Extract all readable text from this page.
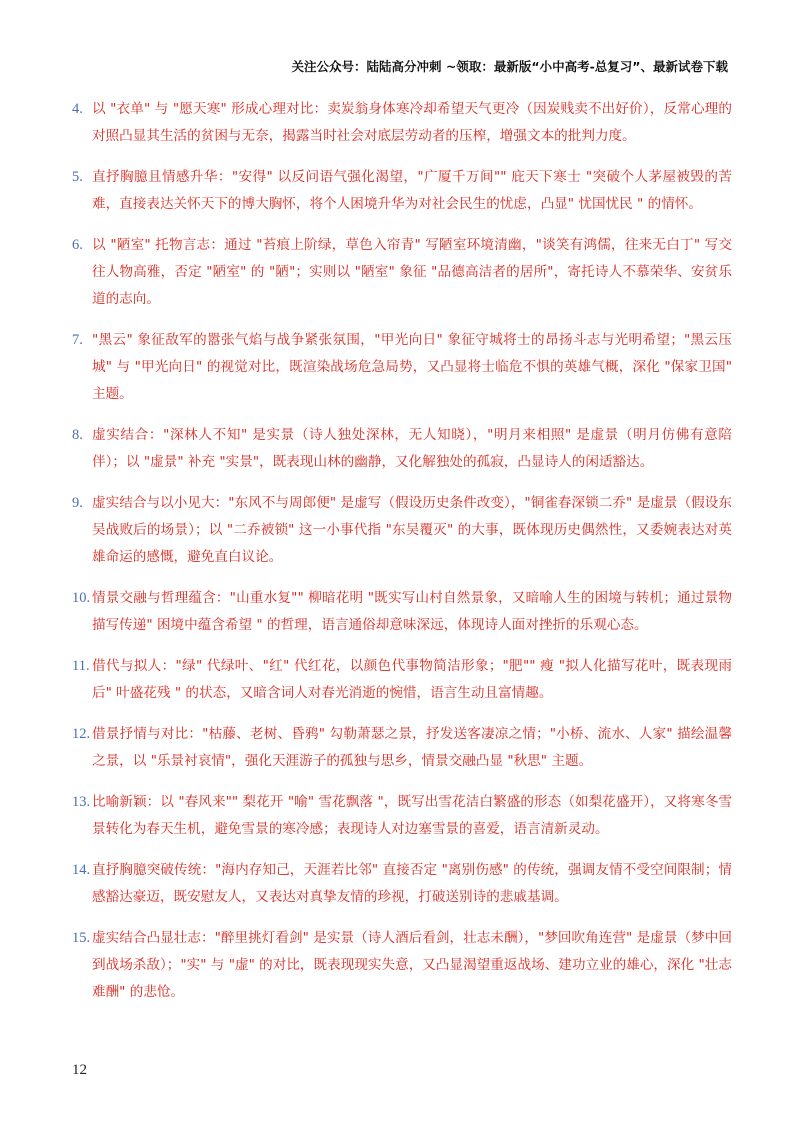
关注公众号：陆陆高分冲刺 ~领取：最新版“小中高考-总复习”、最新试卷下载
4. 以 "衣单" 与 "愿天寒" 形成心理对比：卖炭翁身体寒冷却希望天气更冷（因炭贱卖不出好价），反常心理的对照凸显其生活的贫困与无奈，揭露当时社会对底层劳动者的压榨，增强文本的批判力度。
5. 直抒胸臆且情感升华："安得" 以反问语气强化渴望，"广厦千万间"" 庇天下寒士 "突破个人茅屋被毁的苦难，直接表达关怀天下的博大胸怀，将个人困境升华为对社会民生的忧虑，凸显" 忧国忧民 " 的情怀。
6. 以 "陋室" 托物言志：通过 "苔痕上阶绿，草色入帘青" 写陋室环境清幽，"谈笑有鸿儒，往来无白丁" 写交往人物高雅，否定 "陋室" 的 "陋"；实则以 "陋室" 象征 "品德高洁者的居所"，寄托诗人不慕荣华、安贫乐道的志向。
7. "黑云" 象征敌军的嚣张气焰与战争紧张氛围，"甲光向日" 象征守城将士的昂扬斗志与光明希望；"黑云压城" 与 "甲光向日" 的视觉对比，既渲染战场危急局势，又凸显将士临危不惧的英雄气概，深化 "保家卫国" 主题。
8. 虚实结合："深林人不知" 是实景（诗人独处深林，无人知晓），"明月来相照" 是虚景（明月仿佛有意陪伴）；以 "虚景" 补充 "实景"，既表现山林的幽静，又化解独处的孤寂，凸显诗人的闲适豁达。
9. 虚实结合与以小见大："东风不与周郎便" 是虚写（假设历史条件改变），"铜雀春深锁二乔" 是虚景（假设东吴战败后的场景）；以 "二乔被锁" 这一小事代指 "东吴覆灭" 的大事，既体现历史偶然性，又委婉表达对英雄命运的感慨，避免直白议论。
10. 情景交融与哲理蕴含："山重水复"" 柳暗花明 "既实写山村自然景象，又暗喻人生的困境与转机；通过景物描写传递" 困境中蕴含希望 " 的哲理，语言通俗却意味深远，体现诗人面对挫折的乐观心态。
11. 借代与拟人："绿" 代绿叶、"红" 代红花，以颜色代事物简洁形象；"肥"" 瘦 "拟人化描写花叶，既表现雨后" 叶盛花残 " 的状态，又暗含词人对春光消逝的惋惜，语言生动且富情趣。
12. 借景抒情与对比："枯藤、老树、昏鸦" 勾勒萧瑟之景，抒发送客凄凉之情；"小桥、流水、人家" 描绘温馨之景，以 "乐景衬哀情"，强化天涯游子的孤独与思乡，情景交融凸显 "秋思" 主题。
13. 比喻新颖：以 "春风来"" 梨花开 "喻" 雪花飘落 "，既写出雪花洁白繁盛的形态（如梨花盛开），又将寒冬雪景转化为春天生机，避免雪景的寒冷感；表现诗人对边塞雪景的喜爱，语言清新灵动。
14. 直抒胸臆突破传统："海内存知己，天涯若比邻" 直接否定 "离别伤感" 的传统，强调友情不受空间限制；情感豁达豪迈，既安慰友人，又表达对真挚友情的珍视，打破送别诗的悲戚基调。
15. 虚实结合凸显壮志："醉里挑灯看剑" 是实景（诗人酒后看剑，壮志未酬），"梦回吹角连营" 是虚景（梦中回到战场杀敌）；"实" 与 "虚" 的对比，既表现现实失意，又凸显渴望重返战场、建功立业的雄心，深化 "壮志难酬" 的悲怆。
12
